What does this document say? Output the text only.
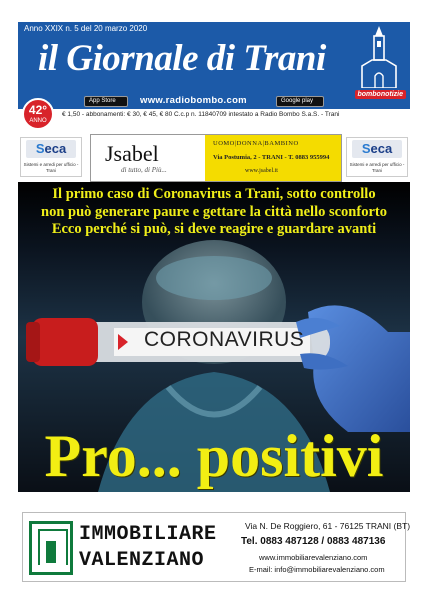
Anno XXIX n. 5 del 20 marzo 2020
il Giornale di Trani
bombonotizie
App Store	www.radiobombo.com	Google play
€ 1,50 - abbonamenti: € 30, € 45, € 80 C.c.p n. 11840709 intestato a Radio Bombo S.a.S. - Trani
42°
ANNO
Seca
Sistemi e arredi per ufficio - Trani
Jsabel
di tutto, di Più...
UOMO|DONNA|BAMBINO
Via Postumia, 2 - TRANI - T. 0883 955994
www.jsabel.it
Seca
Sistemi e arredi per ufficio - Trani
Il primo caso di Coronavirus a Trani, sotto controllo
non può generare paure e gettare la città nello sconforto
Ecco perché si può, si deve reagire e guardare avanti
CORONAVIRUS
Pro... positivi
IMMOBILIARE
VALENZIANO
Via N. De Roggiero, 61 - 76125 TRANI (BT)
Tel. 0883 487128 / 0883 487136
www.immobiliarevalenziano.com
E-mail: info@immobiliarevalenziano.com
